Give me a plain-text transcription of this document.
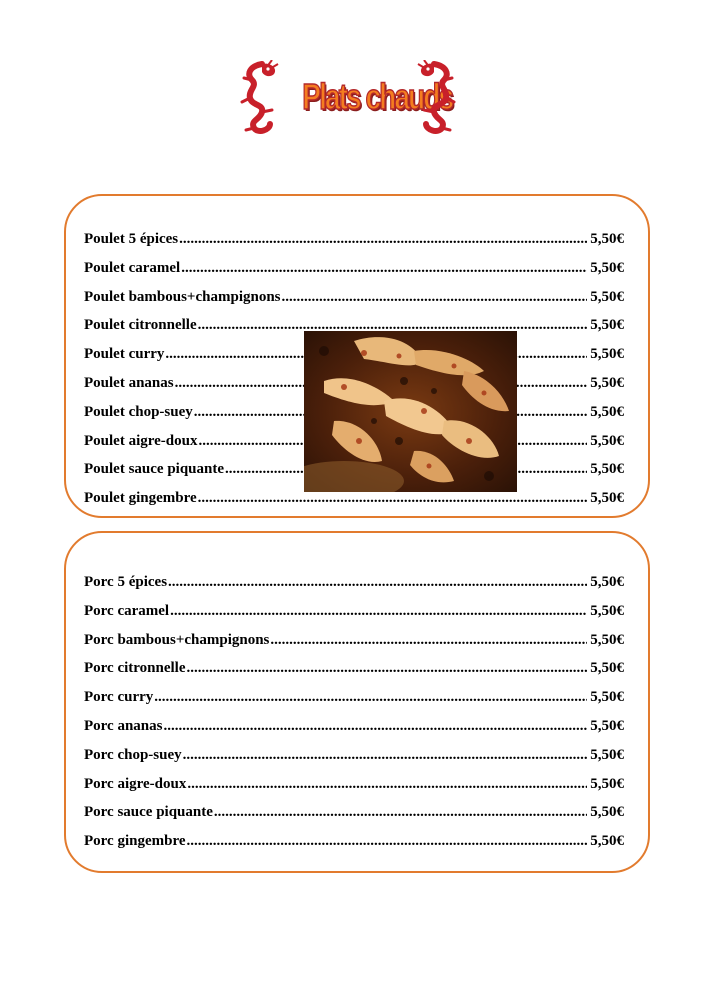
Plats chauds
Poulet 5 épices .....	5,50€
Poulet caramel .....	5,50€
Poulet bambous+champignons .....	5,50€
Poulet citronnelle .....	5,50€
Poulet curry .....	5,50€
Poulet ananas .....	5,50€
Poulet chop-suey .....	5,50€
Poulet aigre-doux .....	5,50€
Poulet sauce piquante .....	5,50€
Poulet gingembre .....	5,50€
Porc 5 épices .....	5,50€
Porc caramel .....	5,50€
Porc bambous+champignons .....	5,50€
Porc citronnelle .....	5,50€
Porc curry .....	5,50€
Porc ananas .....	5,50€
Porc chop-suey .....	5,50€
Porc aigre-doux .....	5,50€
Porc sauce piquante .....	5,50€
Porc gingembre .....	5,50€
